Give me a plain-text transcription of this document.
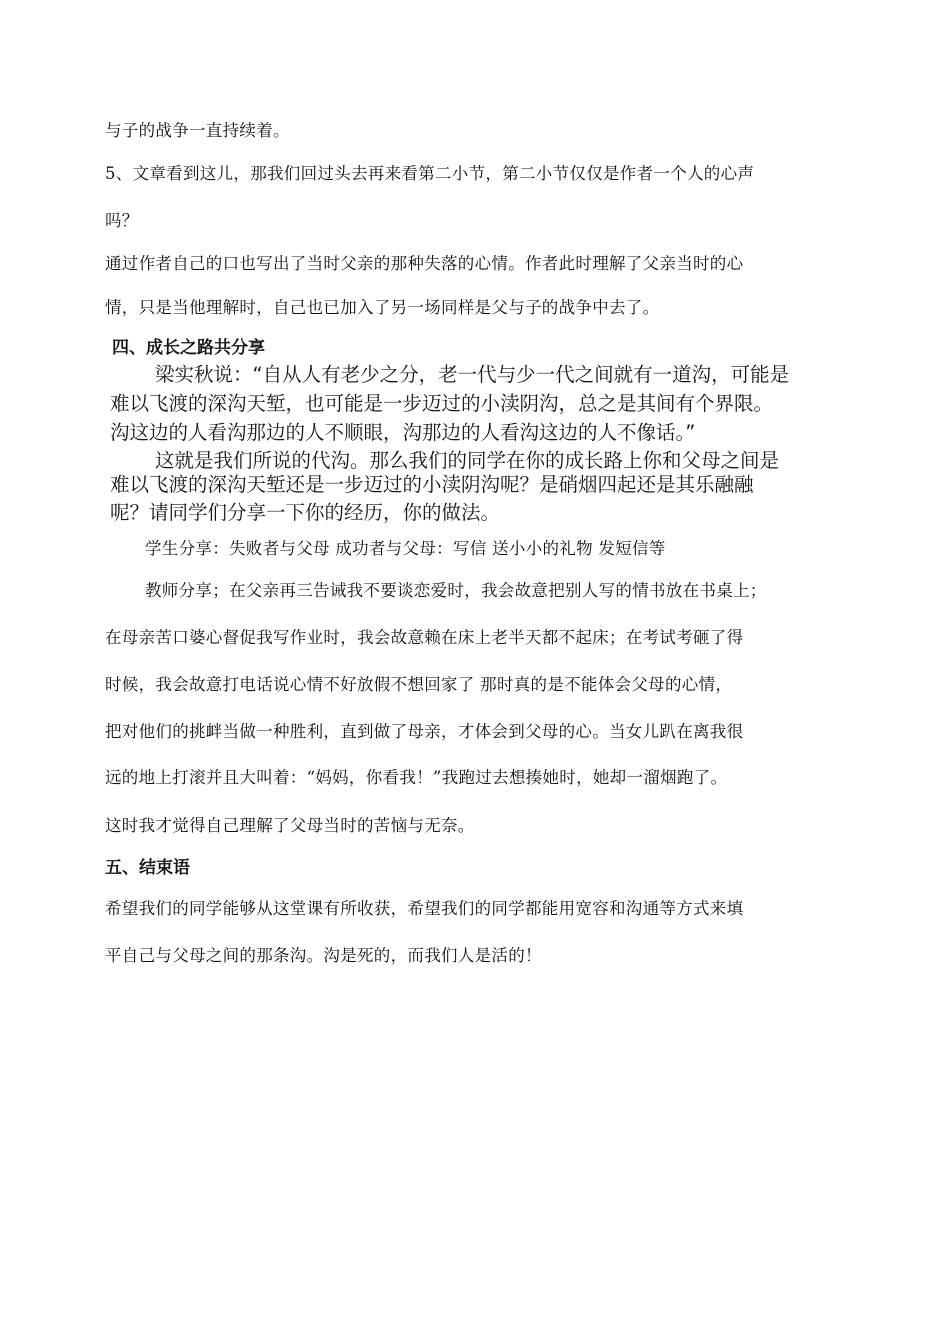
与子的战争一直持续着。
5、文章看到这儿，那我们回过头去再来看第二小节，第二小节仅仅是作者一个人的心声
吗？
通过作者自己的口也写出了当时父亲的那种失落的心情。作者此时理解了父亲当时的心
情，只是当他理解时，自己也已加入了另一场同样是父与子的战争中去了。
四、成长之路共分享
梁实秋说：“自从人有老少之分，老一代与少一代之间就有一道沟，可能是
难以飞渡的深沟天堑，也可能是一步迈过的小渎阴沟，总之是其间有个界限。
沟这边的人看沟那边的人不顺眼，沟那边的人看沟这边的人不像话。”
这就是我们所说的代沟。那么我们的同学在你的成长路上你和父母之间是
难以飞渡的深沟天堑还是一步迈过的小渎阴沟呢？是硝烟四起还是其乐融融
呢？请同学们分享一下你的经历，你的做法。
学生分享：失败者与父母 成功者与父母：写信 送小小的礼物 发短信等
教师分享；在父亲再三告诫我不要谈恋爱时，我会故意把别人写的情书放在书桌上；
在母亲苦口婆心督促我写作业时，我会故意赖在床上老半天都不起床；在考试考砸了得
时候，我会故意打电话说心情不好放假不想回家了 那时真的是不能体会父母的心情，
把对他们的挑衅当做一种胜利，直到做了母亲，才体会到父母的心。当女儿趴在离我很
远的地上打滚并且大叫着：“妈妈，你看我！”我跑过去想揍她时，她却一溜烟跑了。
这时我才觉得自己理解了父母当时的苦恼与无奈。
五、结束语
希望我们的同学能够从这堂课有所收获，希望我们的同学都能用宽容和沟通等方式来填
平自己与父母之间的那条沟。沟是死的，而我们人是活的！
